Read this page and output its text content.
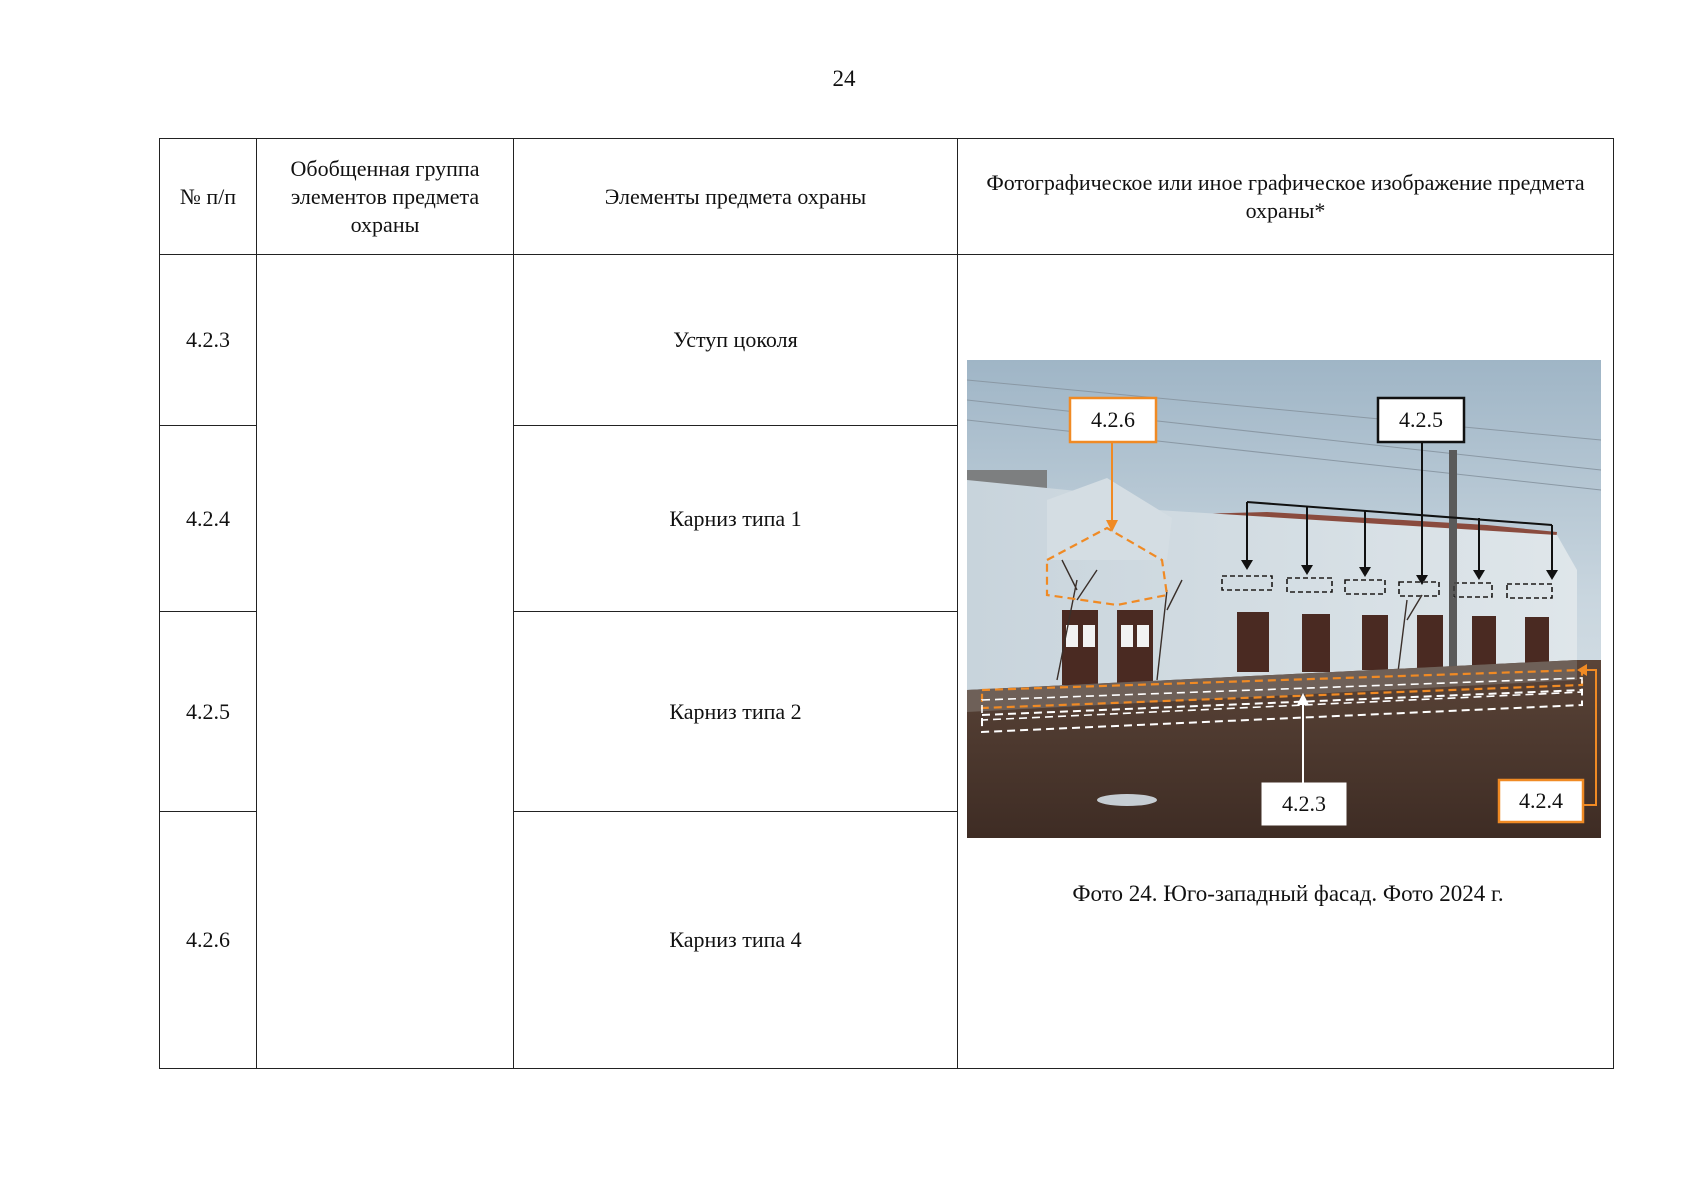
24
№ п/п	Обобщенная группа элементов предмета охраны	Элементы предмета охраны	Фотографическое или иное графическое изображение предмета охраны*
4.2.3		Уступ цоколя	4.2.6 4.2.5
4.2.3 4.2.4
Фото 24. Юго-западный фасад. Фото 2024 г.

4.2.4		Карниз типа 1	
4.2.5		Карниз типа 2	
4.2.6		Карниз типа 4	
